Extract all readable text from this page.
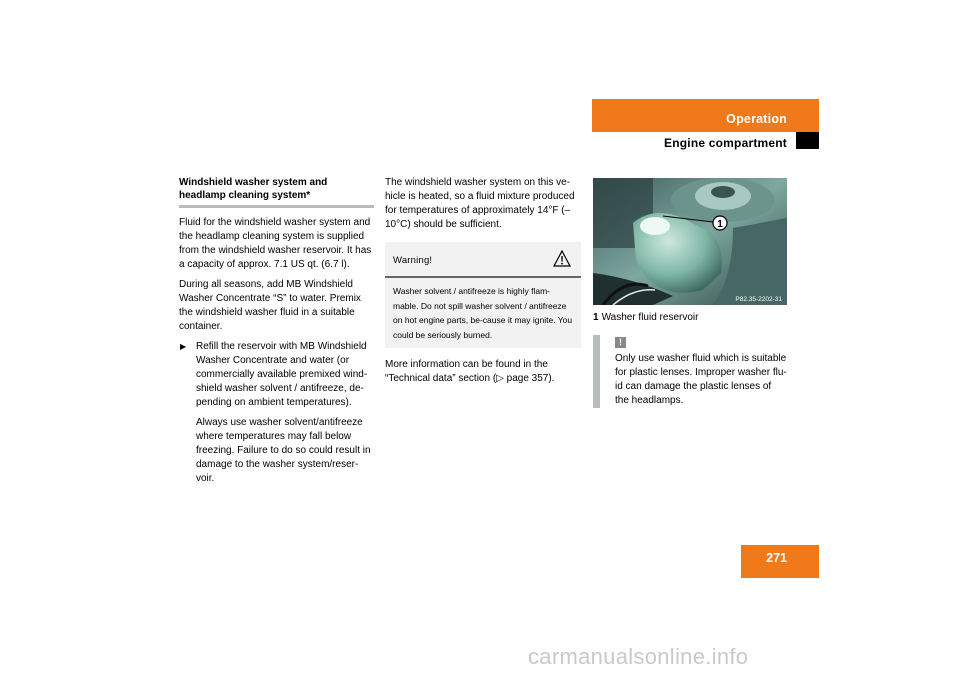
Operation
Engine compartment
Windshield washer system and headlamp cleaning system*

Fluid for the windshield washer system and the headlamp cleaning system is supplied from the windshield washer reservoir. It has a capacity of approx. 7.1 US qt. (6.7 l).

During all seasons, add MB Windshield Washer Concentrate “S” to water. Premix the windshield washer fluid in a suitable container.

▶ Refill the reservoir with MB Windshield Washer Concentrate and water (or commercially available premixed wind-shield washer solvent / antifreeze, de-pending on ambient temperatures).

Always use washer solvent/antifreeze where temperatures may fall below freezing. Failure to do so could result in damage to the washer system/reser-voir.

The windshield washer system on this ve-hicle is heated, so a fluid mixture produced for temperatures of approximately 14°F (–10°C) should be sufficient.

Warning!
Washer solvent / antifreeze is highly flam-mable. Do not spill washer solvent / antifreeze on hot engine parts, be-cause it may ignite. You could be seriously burned.

More information can be found in the “Technical data” section (▷ page 357).

1
P82.35-2202-31

1 Washer fluid reservoir

!
Only use washer fluid which is suitable for plastic lenses. Improper washer flu-id can damage the plastic lenses of the headlamps.
271
carmanualsonline.info
